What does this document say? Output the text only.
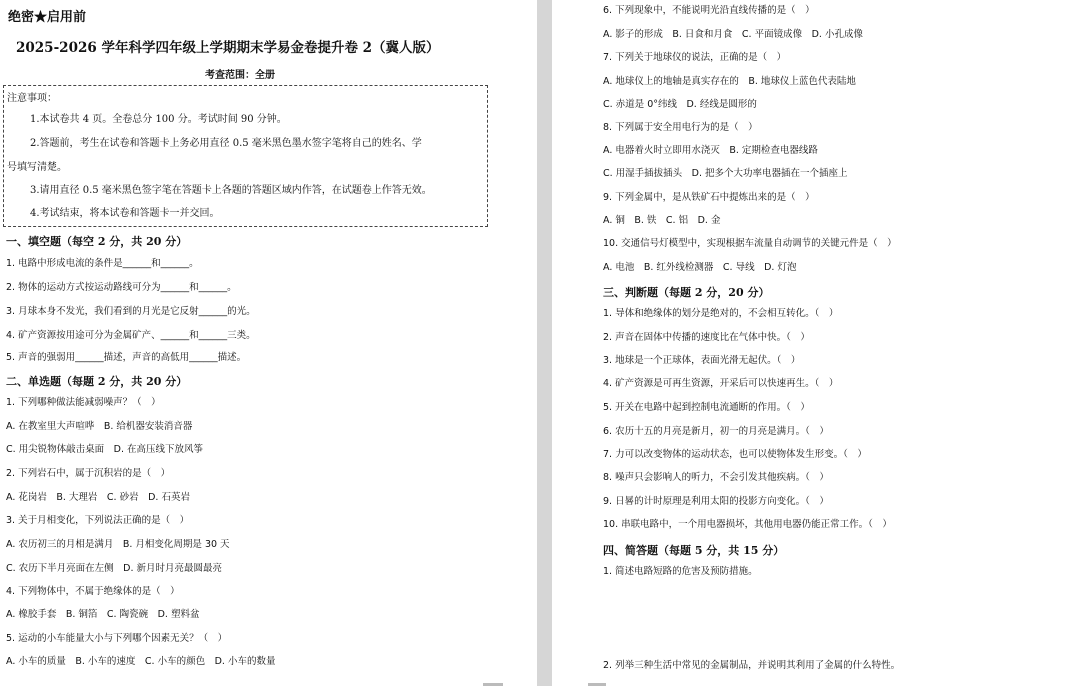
绝密★启用前
2025-2026 学年科学四年级上学期期末学易金卷提升卷 2（冀人版）
考查范围：全册
注意事项：
1.本试卷共 4 页。全卷总分 100 分。考试时间 90 分钟。
2.答题前，考生在试卷和答题卡上务必用直径 0.5 毫米黑色墨水签字笔将自己的姓名、学
号填写清楚。
3.请用直径 0.5 毫米黑色签字笔在答题卡上各题的答题区域内作答，在试题卷上作答无效。
4.考试结束，将本试卷和答题卡一并交回。
一、填空题（每空 2 分，共 20 分）
1. 电路中形成电流的条件是______和______。
2. 物体的运动方式按运动路线可分为______和______。
3. 月球本身不发光，我们看到的月光是它反射______的光。
4. 矿产资源按用途可分为金属矿产、______和______三类。
5. 声音的强弱用______描述，声音的高低用______描述。
二、单选题（每题 2 分，共 20 分）
1. 下列哪种做法能减弱噪声？（　）
A. 在教室里大声喧哗　B. 给机器安装消音器
C. 用尖锐物体敲击桌面　D. 在高压线下放风筝
2. 下列岩石中，属于沉积岩的是（　）
A. 花岗岩　B. 大理岩　C. 砂岩　D. 石英岩
3. 关于月相变化，下列说法正确的是（　）
A. 农历初三的月相是满月　B. 月相变化周期是 30 天
C. 农历下半月亮面在左侧　D. 新月时月亮最圆最亮
4. 下列物体中，不属于绝缘体的是（　）
A. 橡胶手套　B. 铜箔　C. 陶瓷碗　D. 塑料盆
5. 运动的小车能量大小与下列哪个因素无关？（　）
A. 小车的质量　B. 小车的速度　C. 小车的颜色　D. 小车的数量
6. 下列现象中，不能说明光沿直线传播的是（　）
A. 影子的形成　B. 日食和月食　C. 平面镜成像　D. 小孔成像
7. 下列关于地球仪的说法，正确的是（　）
A. 地球仪上的地轴是真实存在的　B. 地球仪上蓝色代表陆地
C. 赤道是 0°纬线　D. 经线是圆形的
8. 下列属于安全用电行为的是（　）
A. 电器着火时立即用水浇灭　B. 定期检查电器线路
C. 用湿手插拔插头　D. 把多个大功率电器插在一个插座上
9. 下列金属中，是从铁矿石中提炼出来的是（　）
A. 铜　B. 铁　C. 铝　D. 金
10. 交通信号灯模型中，实现根据车流量自动调节的关键元件是（　）
A. 电池　B. 红外线检测器　C. 导线　D. 灯泡
三、判断题（每题 2 分，20 分）
1. 导体和绝缘体的划分是绝对的，不会相互转化。（　）
2. 声音在固体中传播的速度比在气体中快。（　）
3. 地球是一个正球体，表面光滑无起伏。（　）
4. 矿产资源是可再生资源，开采后可以快速再生。（　）
5. 开关在电路中起到控制电流通断的作用。（　）
6. 农历十五的月亮是新月，初一的月亮是满月。（　）
7. 力可以改变物体的运动状态，也可以使物体发生形变。（　）
8. 噪声只会影响人的听力，不会引发其他疾病。（　）
9. 日晷的计时原理是利用太阳的投影方向变化。（　）
10. 串联电路中，一个用电器损坏，其他用电器仍能正常工作。（　）
四、简答题（每题 5 分，共 15 分）
1. 简述电路短路的危害及预防措施。
2. 列举三种生活中常见的金属制品，并说明其利用了金属的什么特性。
